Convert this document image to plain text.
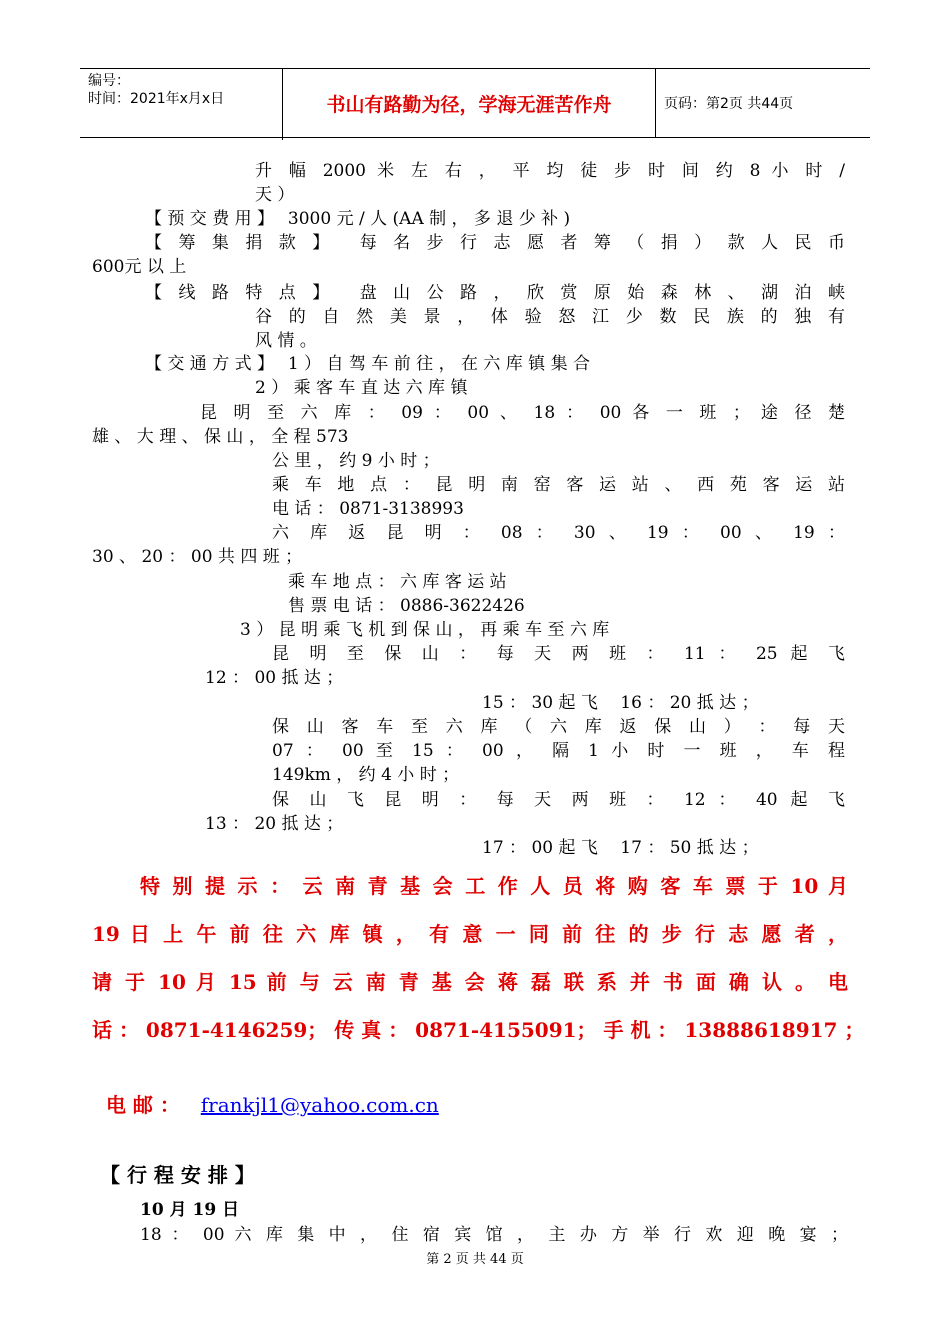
编号：
时间：2021年x月x日	书山有路勤为径，学海无涯苦作舟	页码：第2页 共44页
升 幅 2000 米 左 右 ， 平 均 徒 步 时 间 约 8 小 时 /
天 ）
【 预 交 费 用 】　 3000 元 / 人 (AA 制 ， 多 退 少 补 )
【 筹 集 捐 款 】　 每 名 步 行 志 愿 者 筹 （ 捐 ） 款 人 民 币
600元 以 上
【 线 路 特 点 】　 盘 山 公 路 ， 欣 赏 原 始 森 林 、 湖 泊 峡
谷 的 自 然 美 景 ， 体 验 怒 江 少 数 民 族 的 独 有
风 情 。
【 交 通 方 式 】　 1 ） 自 驾 车 前 往 ， 在 六 库 镇 集 合
2 ） 乘 客 车 直 达 六 库 镇
昆 明 至 六 库 ： 09 ： 00 、 18 ： 00 各 一 班 ； 途 径 楚
雄 、 大 理 、 保 山 ， 全 程 573
公 里 ， 约 9 小 时 ；
乘 车 地 点 ： 昆 明 南 窑 客 运 站 、 西 苑 客 运 站
电 话 ： 0871-3138993
六 库 返 昆 明 ： 08 ： 30 、 19 ： 00 、 19 ：
30 、 20 ： 00 共 四 班 ；
乘 车 地 点 ： 六 库 客 运 站
售 票 电 话 ： 0886-3622426
3 ） 昆 明 乘 飞 机 到 保 山 ， 再 乘 车 至 六 库
昆 明 至 保 山 ： 每 天 两 班 ： 11 ： 25 起 飞
12 ： 00 抵 达 ；
15 ： 30 起 飞　 16 ： 20 抵 达 ；
保 山 客 车 至 六 库 （ 六 库 返 保 山 ） ： 每 天
07 ： 00 至 15 ： 00 ， 隔 1 小 时 一 班 ， 车 程
149km ， 约 4 小 时 ；
保 山 飞 昆 明 ： 每 天 两 班 ： 12 ： 40 起 飞
13 ： 20 抵 达 ；
17 ： 00 起 飞　 17 ： 50 抵 达 ；
特 别 提 示 ： 云 南 青 基 会 工 作 人 员 将 购 客 车 票 于 10 月
19 日 上 午 前 往 六 库 镇 ， 有 意 一 同 前 往 的 步 行 志 愿 者 ，
请 于 10 月 15 前 与 云 南 青 基 会 蒋 磊 联 系 并 书 面 确 认 。 电
话 ： 0871-4146259； 传 真 ： 0871-4155091； 手 机 ： 13888618917 ；

电 邮 ： frankjl1@yahoo.com.cn

【 行 程 安 排 】
10 月 19 日
18 ： 00 六 库 集 中 ， 住 宿 宾 馆 ， 主 办 方 举 行 欢 迎 晚 宴 ；
第 2 页 共 44 页
